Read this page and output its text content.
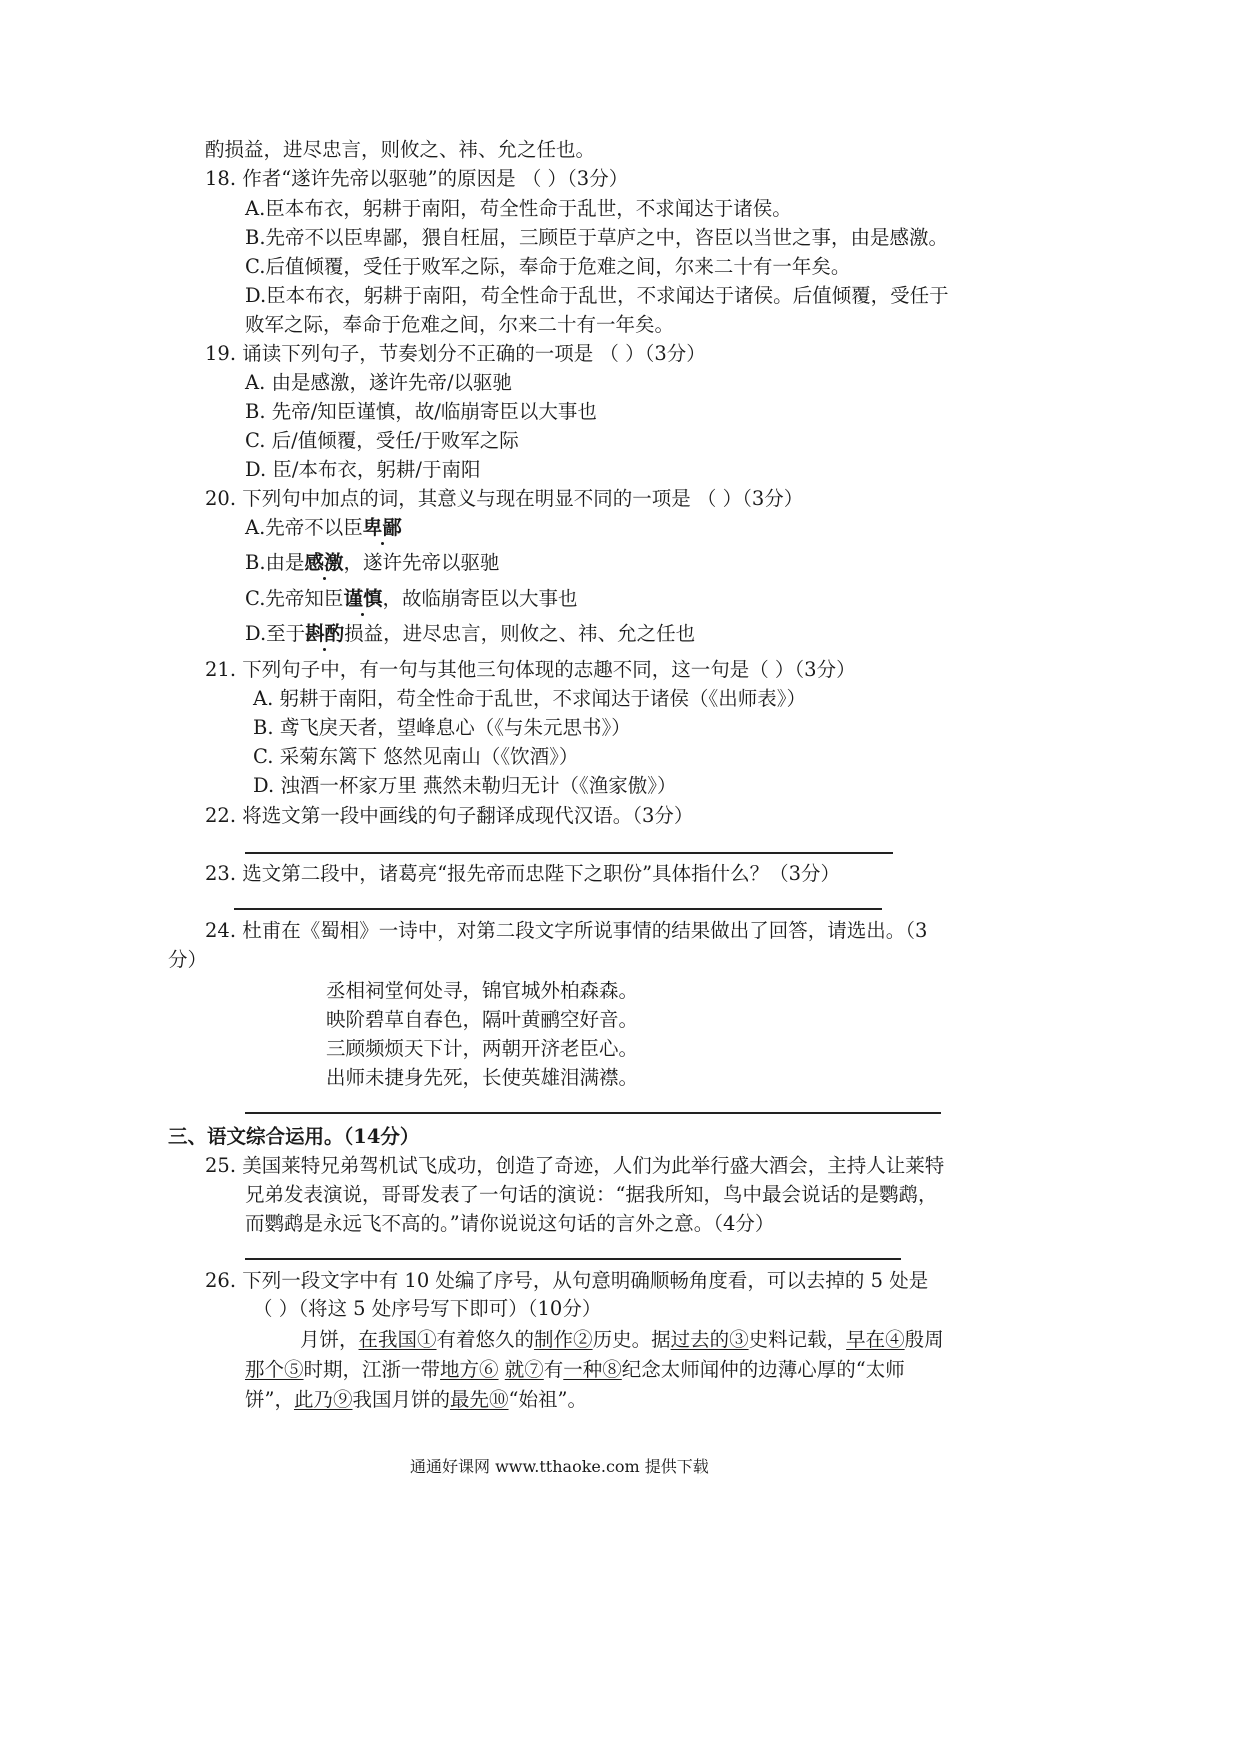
酌损益，进尽忠言，则攸之、祎、允之任也。
18. 作者“遂许先帝以驱驰”的原因是 （ ）（3分）
A.臣本布衣，躬耕于南阳，苟全性命于乱世，不求闻达于诸侯。
B.先帝不以臣卑鄙，猥自枉屈，三顾臣于草庐之中，咨臣以当世之事，由是感激。
C.后值倾覆，受任于败军之际，奉命于危难之间，尔来二十有一年矣。
D.臣本布衣，躬耕于南阳，苟全性命于乱世，不求闻达于诸侯。后值倾覆，受任于
败军之际，奉命于危难之间，尔来二十有一年矣。
19. 诵读下列句子，节奏划分不正确的一项是 （ ）（3分）
A. 由是感激，遂许先帝/以驱驰
B. 先帝/知臣谨慎，故/临崩寄臣以大事也
C. 后/值倾覆，受任/于败军之际
D. 臣/本布衣，躬耕/于南阳
20. 下列句中加点的词，其意义与现在明显不同的一项是 （ ）（3分）
A.先帝不以臣卑鄙
B.由是感激，遂许先帝以驱驰
C.先帝知臣谨慎，故临崩寄臣以大事也
D.至于斟酌损益，进尽忠言，则攸之、祎、允之任也
21. 下列句子中，有一句与其他三句体现的志趣不同，这一句是（ ）（3分）
A. 躬耕于南阳，苟全性命于乱世，不求闻达于诸侯（《出师表》）
B. 鸢飞戾天者，望峰息心（《与朱元思书》）
C. 采菊东篱下 悠然见南山（《饮酒》）
D. 浊酒一杯家万里 燕然未勒归无计（《渔家傲》）
22. 将选文第一段中画线的句子翻译成现代汉语。（3分）
23. 选文第二段中，诸葛亮“报先帝而忠陛下之职份”具体指什么？（3分）
24. 杜甫在《蜀相》一诗中，对第二段文字所说事情的结果做出了回答，请选出。（3
分）
丞相祠堂何处寻，锦官城外柏森森。
映阶碧草自春色，隔叶黄鹂空好音。
三顾频烦天下计，两朝开济老臣心。
出师未捷身先死，长使英雄泪满襟。
三、语文综合运用。（14分）
25. 美国莱特兄弟驾机试飞成功，创造了奇迹，人们为此举行盛大酒会，主持人让莱特
兄弟发表演说，哥哥发表了一句话的演说：“据我所知，鸟中最会说话的是鹦鹉，
而鹦鹉是永远飞不高的。”请你说说这句话的言外之意。（4分）
26. 下列一段文字中有 10 处编了序号，从句意明确顺畅角度看，可以去掉的 5 处是
（ ）（将这 5 处序号写下即可）（10分）
月饼，在我国①有着悠久的制作②历史。据过去的③史料记载，早在④殷周
那个⑤时期，江浙一带地方⑥ 就⑦有一种⑧纪念太师闻仲的边薄心厚的“太师
饼”，此乃⑨我国月饼的最先⑩“始祖”。
通通好课网 www.tthaoke.com 提供下载
